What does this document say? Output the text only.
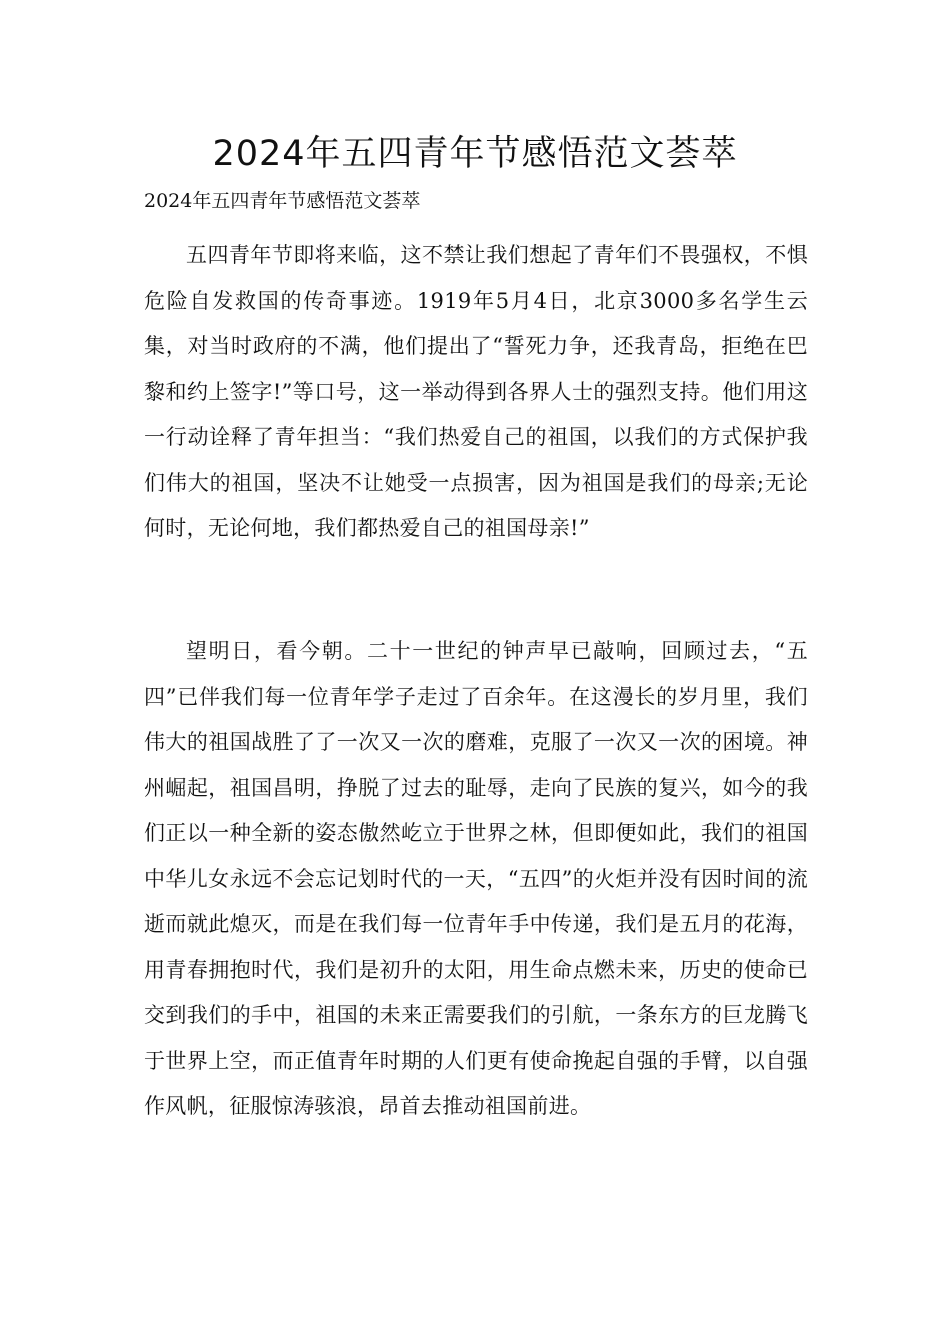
2024年五四青年节感悟范文荟萃

2024年五四青年节感悟范文荟萃

五四青年节即将来临，这不禁让我们想起了青年们不畏强权，不惧危险自发救国的传奇事迹。1919年5月4日，北京3000多名学生云集，对当时政府的不满，他们提出了“誓死力争，还我青岛，拒绝在巴黎和约上签字!”等口号，这一举动得到各界人士的强烈支持。他们用这一行动诠释了青年担当：“我们热爱自己的祖国，以我们的方式保护我们伟大的祖国，坚决不让她受一点损害，因为祖国是我们的母亲;无论何时，无论何地，我们都热爱自己的祖国母亲!”

望明日，看今朝。二十一世纪的钟声早已敲响，回顾过去，“五四”已伴我们每一位青年学子走过了百余年。在这漫长的岁月里，我们伟大的祖国战胜了了一次又一次的磨难，克服了一次又一次的困境。神州崛起，祖国昌明，挣脱了过去的耻辱，走向了民族的复兴，如今的我们正以一种全新的姿态傲然屹立于世界之林，但即便如此，我们的祖国中华儿女永远不会忘记划时代的一天，“五四”的火炬并没有因时间的流逝而就此熄灭，而是在我们每一位青年手中传递，我们是五月的花海，用青春拥抱时代，我们是初升的太阳，用生命点燃未来，历史的使命已交到我们的手中，祖国的未来正需要我们的引航，一条东方的巨龙腾飞于世界上空，而正值青年时期的人们更有使命挽起自强的手臂，以自强作风帆，征服惊涛骇浪，昂首去推动祖国前进。
